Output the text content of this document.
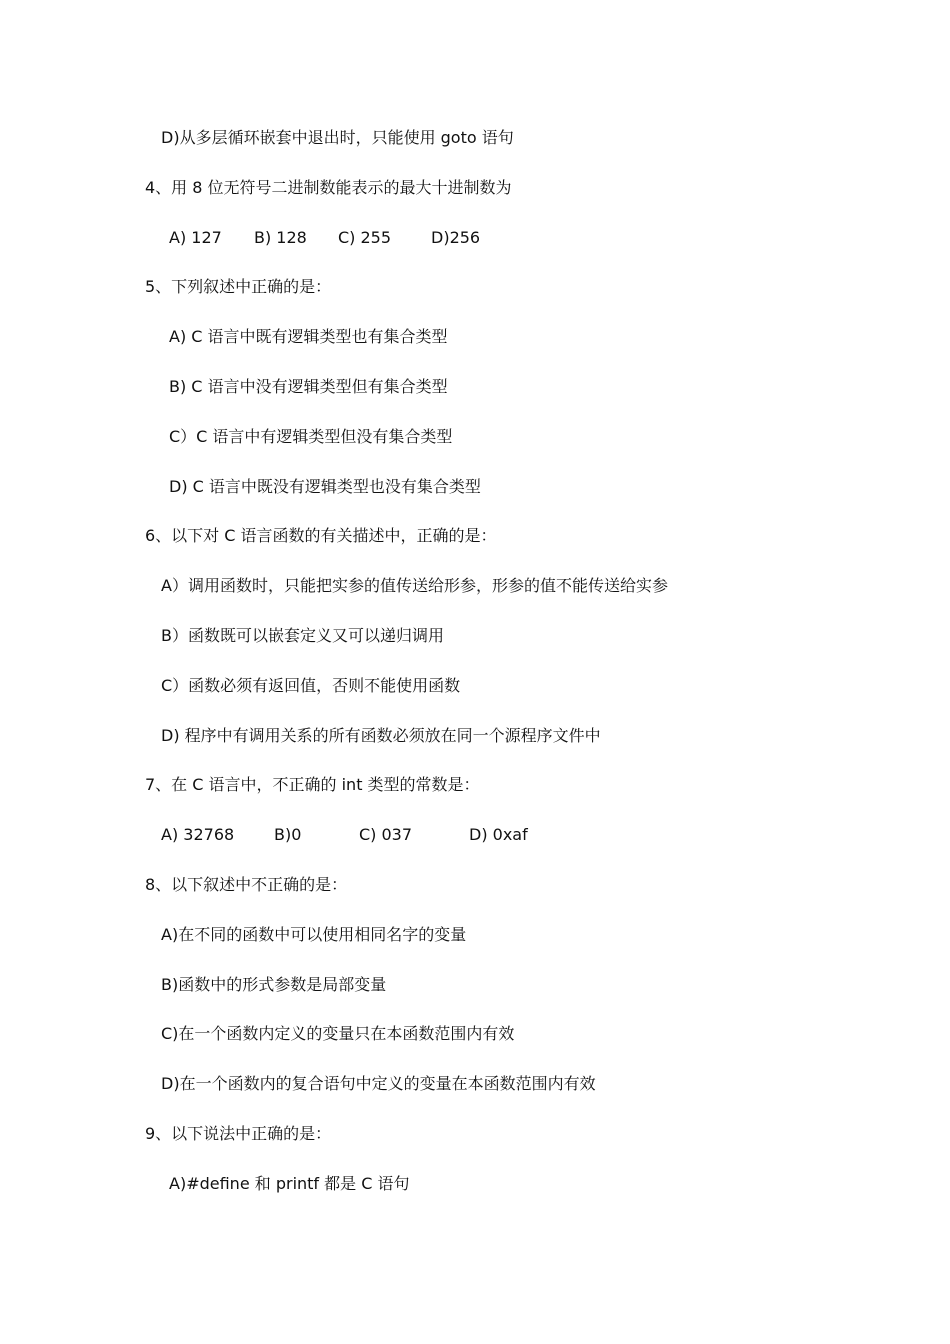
D)从多层循环嵌套中退出时，只能使用 goto 语句
4、用 8 位无符号二进制数能表示的最大十进制数为
A) 127 B) 128 C) 255 D)256
5、下列叙述中正确的是：
A) C 语言中既有逻辑类型也有集合类型
B) C 语言中没有逻辑类型但有集合类型
C）C 语言中有逻辑类型但没有集合类型
D) C 语言中既没有逻辑类型也没有集合类型
6、以下对 C 语言函数的有关描述中，正确的是：
A）调用函数时，只能把实参的值传送给形参，形参的值不能传送给实参
B）函数既可以嵌套定义又可以递归调用
C）函数必须有返回值，否则不能使用函数
D) 程序中有调用关系的所有函数必须放在同一个源程序文件中
7、在 C 语言中，不正确的 int 类型的常数是：
A) 32768 B)0	C) 037	D) 0xaf
8、以下叙述中不正确的是：
A)在不同的函数中可以使用相同名字的变量
B)函数中的形式参数是局部变量
C)在一个函数内定义的变量只在本函数范围内有效
D)在一个函数内的复合语句中定义的变量在本函数范围内有效
9、以下说法中正确的是：
A)#define 和 printf 都是 C 语句
